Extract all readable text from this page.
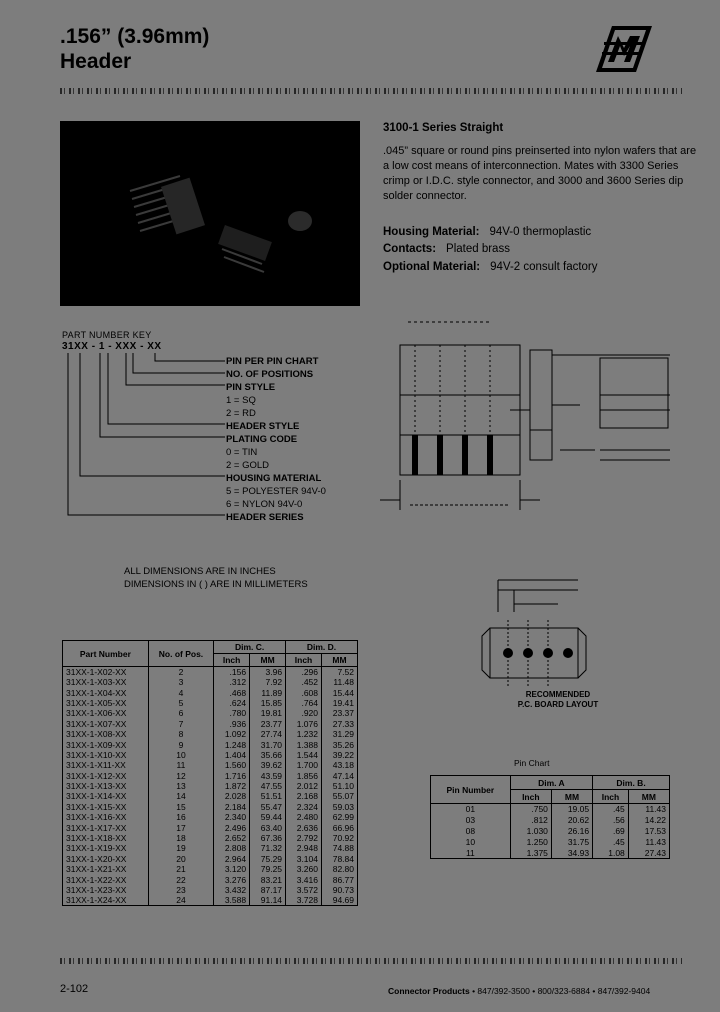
.156” (3.96mm)
Header
3100-1 Series Straight
.045” square or round pins preinserted into nylon wafers that are a low cost means of interconnection. Mates with 3300 Series crimp or I.D.C. style connector, and 3000 and 3600 Series dip solder connector.
Housing Material: 94V-0 thermoplastic
Contacts: Plated brass
Optional Material: 94V-2 consult factory
PART NUMBER KEY
31XX - 1 - XXX - XX
PIN PER PIN CHART
NO. OF POSITIONS
PIN STYLE
1 = SQ
2 = RD
HEADER STYLE
PLATING CODE
0 = TIN
2 = GOLD
HOUSING MATERIAL
5 = POLYESTER 94V-0
6 = NYLON 94V-0
HEADER SERIES
ALL DIMENSIONS ARE IN INCHES
DIMENSIONS IN ( ) ARE IN MILLIMETERS
RECOMMENDED
P.C. BOARD LAYOUT
Part Number	No. of Pos.	Dim. C.		Dim. D.	
		Inch	MM	Inch	MM
31XX-1-X02-XX	2	.156	3.96	.296	7.52
31XX-1-X03-XX	3	.312	7.92	.452	11.48
31XX-1-X04-XX	4	.468	11.89	.608	15.44
31XX-1-X05-XX	5	.624	15.85	.764	19.41
31XX-1-X06-XX	6	.780	19.81	.920	23.37
31XX-1-X07-XX	7	.936	23.77	1.076	27.33
31XX-1-X08-XX	8	1.092	27.74	1.232	31.29
31XX-1-X09-XX	9	1.248	31.70	1.388	35.26
31XX-1-X10-XX	10	1.404	35.66	1.544	39.22
31XX-1-X11-XX	11	1.560	39.62	1.700	43.18
31XX-1-X12-XX	12	1.716	43.59	1.856	47.14
31XX-1-X13-XX	13	1.872	47.55	2.012	51.10
31XX-1-X14-XX	14	2.028	51.51	2.168	55.07
31XX-1-X15-XX	15	2.184	55.47	2.324	59.03
31XX-1-X16-XX	16	2.340	59.44	2.480	62.99
31XX-1-X17-XX	17	2.496	63.40	2.636	66.96
31XX-1-X18-XX	18	2.652	67.36	2.792	70.92
31XX-1-X19-XX	19	2.808	71.32	2.948	74.88
31XX-1-X20-XX	20	2.964	75.29	3.104	78.84
31XX-1-X21-XX	21	3.120	79.25	3.260	82.80
31XX-1-X22-XX	22	3.276	83.21	3.416	86.77
31XX-1-X23-XX	23	3.432	87.17	3.572	90.73
31XX-1-X24-XX	24	3.588	91.14	3.728	94.69
Pin Chart
Pin Number	Dim. A		Dim. B.	
	Inch	MM	Inch	MM
01	.750	19.05	.45	11.43
03	.812	20.62	.56	14.22
08	1.030	26.16	.69	17.53
10	1.250	31.75	.45	11.43
11	1.375	34.93	1.08	27.43
2-102	Connector Products • 847/392-3500 • 800/323-6884 • 847/392-9404
